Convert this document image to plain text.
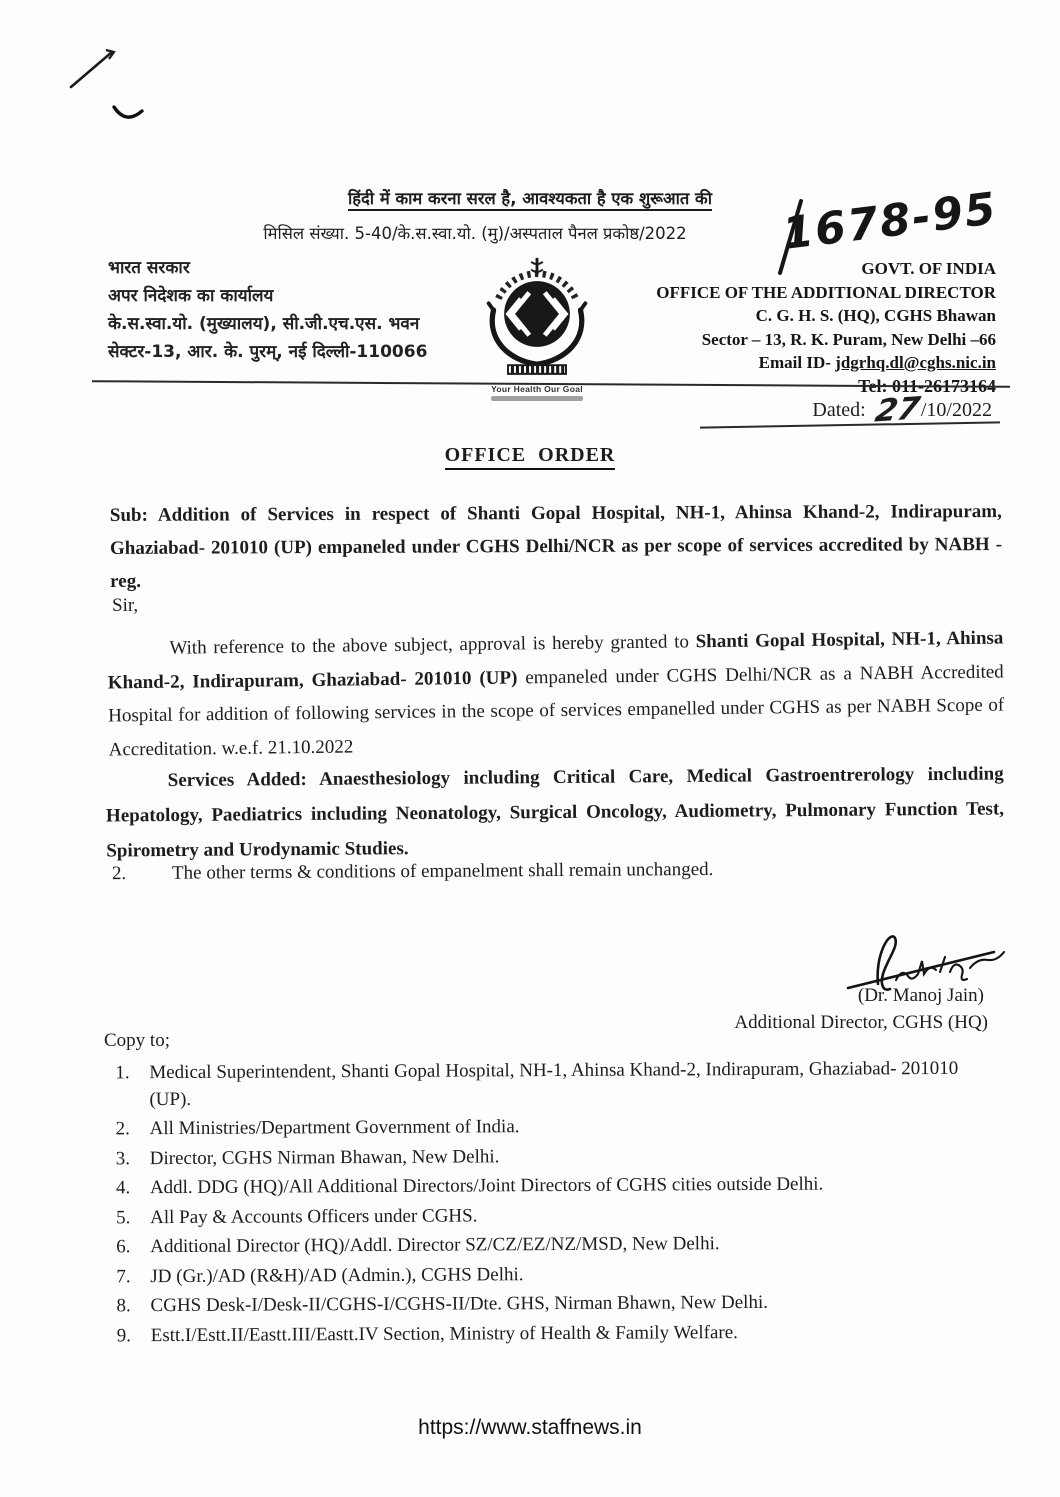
हिंदी में काम करना सरल है, आवश्यकता है एक शुरूआत की
मिसिल संख्या. 5-40/के.स.स्वा.यो. (मु)/अस्पताल पैनल प्रकोष्ठ/2022	1678-95
भारत सरकार
अपर निदेशक का कार्यालय
के.स.स्वा.यो. (मुख्यालय), सी.जी.एच.एस. भवन
सेक्टर-13, आर. के. पुरम्, नई दिल्ली-110066
Your Health Our Goal
GOVT. OF INDIA
OFFICE OF THE ADDITIONAL DIRECTOR
C. G. H. S. (HQ), CGHS Bhawan
Sector – 13, R. K. Puram, New Delhi –66
Email ID- jdgrhq.dl@cghs.nic.in
Tel: 011-26173164
Dated: 27/10/2022
OFFICE ORDER
Sub: Addition of Services in respect of Shanti Gopal Hospital, NH-1, Ahinsa Khand-2, Indirapuram, Ghaziabad- 201010 (UP) empaneled under CGHS Delhi/NCR as per scope of services accredited by NABH -reg.
Sir,
With reference to the above subject, approval is hereby granted to Shanti Gopal Hospital, NH-1, Ahinsa Khand-2, Indirapuram, Ghaziabad- 201010 (UP) empaneled under CGHS Delhi/NCR as a NABH Accredited Hospital for addition of following services in the scope of services empanelled under CGHS as per NABH Scope of Accreditation. w.e.f. 21.10.2022
Services Added: Anaesthesiology including Critical Care, Medical Gastroentrerology including Hepatology, Paediatrics including Neonatology, Surgical Oncology, Audiometry, Pulmonary Function Test, Spirometry and Urodynamic Studies.
2.	The other terms & conditions of empanelment shall remain unchanged.
(Dr. Manoj Jain)
Additional Director, CGHS (HQ)
Copy to;
1.	Medical Superintendent, Shanti Gopal Hospital, NH-1, Ahinsa Khand-2, Indirapuram, Ghaziabad- 201010 (UP).
2.	All Ministries/Department Government of India.
3.	Director, CGHS Nirman Bhawan, New Delhi.
4.	Addl. DDG (HQ)/All Additional Directors/Joint Directors of CGHS cities outside Delhi.
5.	All Pay & Accounts Officers under CGHS.
6.	Additional Director (HQ)/Addl. Director SZ/CZ/EZ/NZ/MSD, New Delhi.
7.	JD (Gr.)/AD (R&H)/AD (Admin.), CGHS Delhi.
8.	CGHS Desk-I/Desk-II/CGHS-I/CGHS-II/Dte. GHS, Nirman Bhawn, New Delhi.
9.	Estt.I/Estt.II/Eastt.III/Eastt.IV Section, Ministry of Health & Family Welfare.
https://www.staffnews.in
